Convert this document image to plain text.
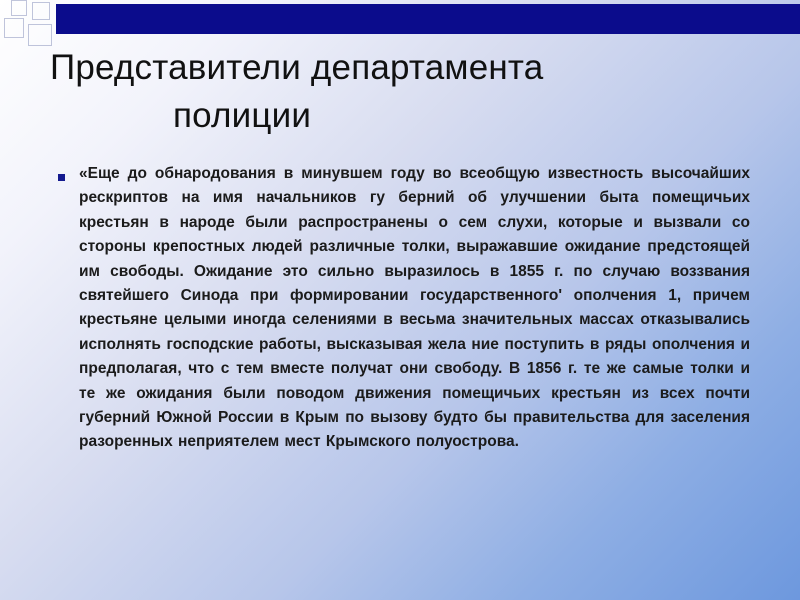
Представители департамента
полиции

«Еще до обнародования в минувшем году во всеобщую известность высочайших рескриптов на имя начальников гу берний об улучшении быта помещичьих крестьян в народе были распространены о сем слухи, которые и вызвали со стороны крепостных людей различные толки, выражавшие ожидание предстоящей им свободы. Ожидание это сильно выразилось в 1855 г. по случаю воззвания святейшего Синода при формировании государственного' ополчения 1, причем крестьяне целыми иногда селениями в весьма значительных массах отказывались исполнять господские работы, высказывая жела ние поступить в ряды ополчения и предполагая, что с тем вместе получат они свободу. В 1856 г. те же самые толки и те же ожидания были поводом движения помещичьих крестьян из всех почти губерний Южной России в Крым по вызову будто бы правительства для заселения разоренных неприятелем мест Крымского полуострова.
